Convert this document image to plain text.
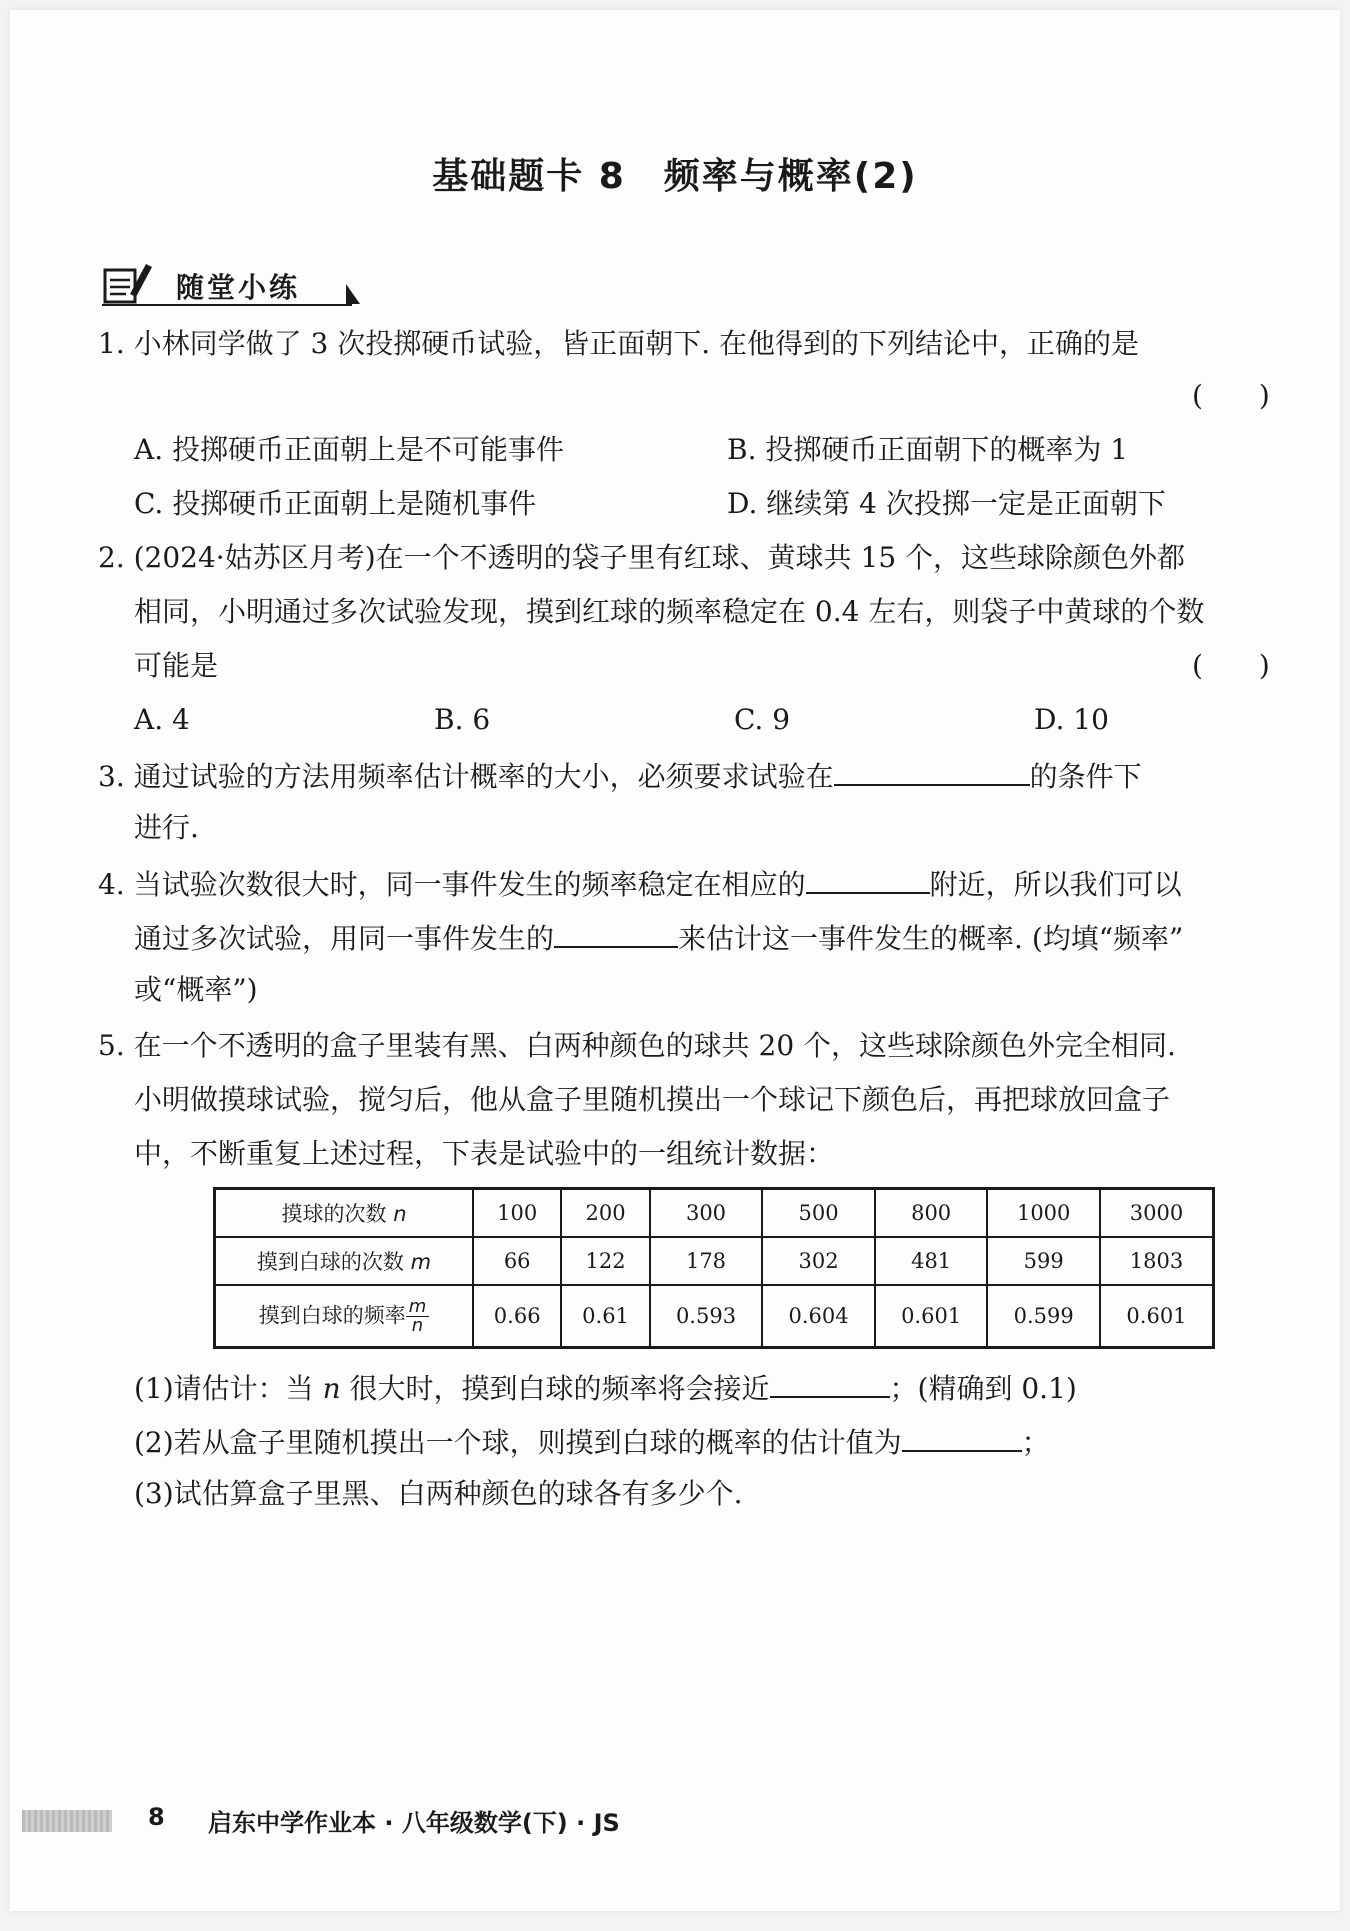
基础题卡 8　频率与概率(2)
随堂小练
1. 小林同学做了 3 次投掷硬币试验，皆正面朝下. 在他得到的下列结论中，正确的是
(　　)
A. 投掷硬币正面朝上是不可能事件	B. 投掷硬币正面朝下的概率为 1
C. 投掷硬币正面朝上是随机事件	D. 继续第 4 次投掷一定是正面朝下
2. (2024·姑苏区月考)在一个不透明的袋子里有红球、黄球共 15 个，这些球除颜色外都
相同，小明通过多次试验发现，摸到红球的频率稳定在 0.4 左右，则袋子中黄球的个数
可能是	(　　)
A. 4	B. 6	C. 9	D. 10
3. 通过试验的方法用频率估计概率的大小，必须要求试验在	的条件下
进行.
4. 当试验次数很大时，同一事件发生的频率稳定在相应的	附近，所以我们可以
通过多次试验，用同一事件发生的	来估计这一事件发生的概率. (均填“频率”
或“概率”)
5. 在一个不透明的盒子里装有黑、白两种颜色的球共 20 个，这些球除颜色外完全相同.
小明做摸球试验，搅匀后，他从盒子里随机摸出一个球记下颜色后，再把球放回盒子
中，不断重复上述过程，下表是试验中的一组统计数据：
摸球的次数 n	100	200	300	500	800	1000	3000
摸到白球的次数 m	66	122	178	302	481	599	1803
摸到白球的频率 $\frac{m}{n}$	0.66	0.61	0.593	0.604	0.601	0.599	0.601
(1)请估计：当 n 很大时，摸到白球的频率将会接近	；(精确到 0.1)
(2)若从盒子里随机摸出一个球，则摸到白球的概率的估计值为	；
(3)试估算盒子里黑、白两种颜色的球各有多少个.
8 启东中学作业本 · 八年级数学(下) · JS
